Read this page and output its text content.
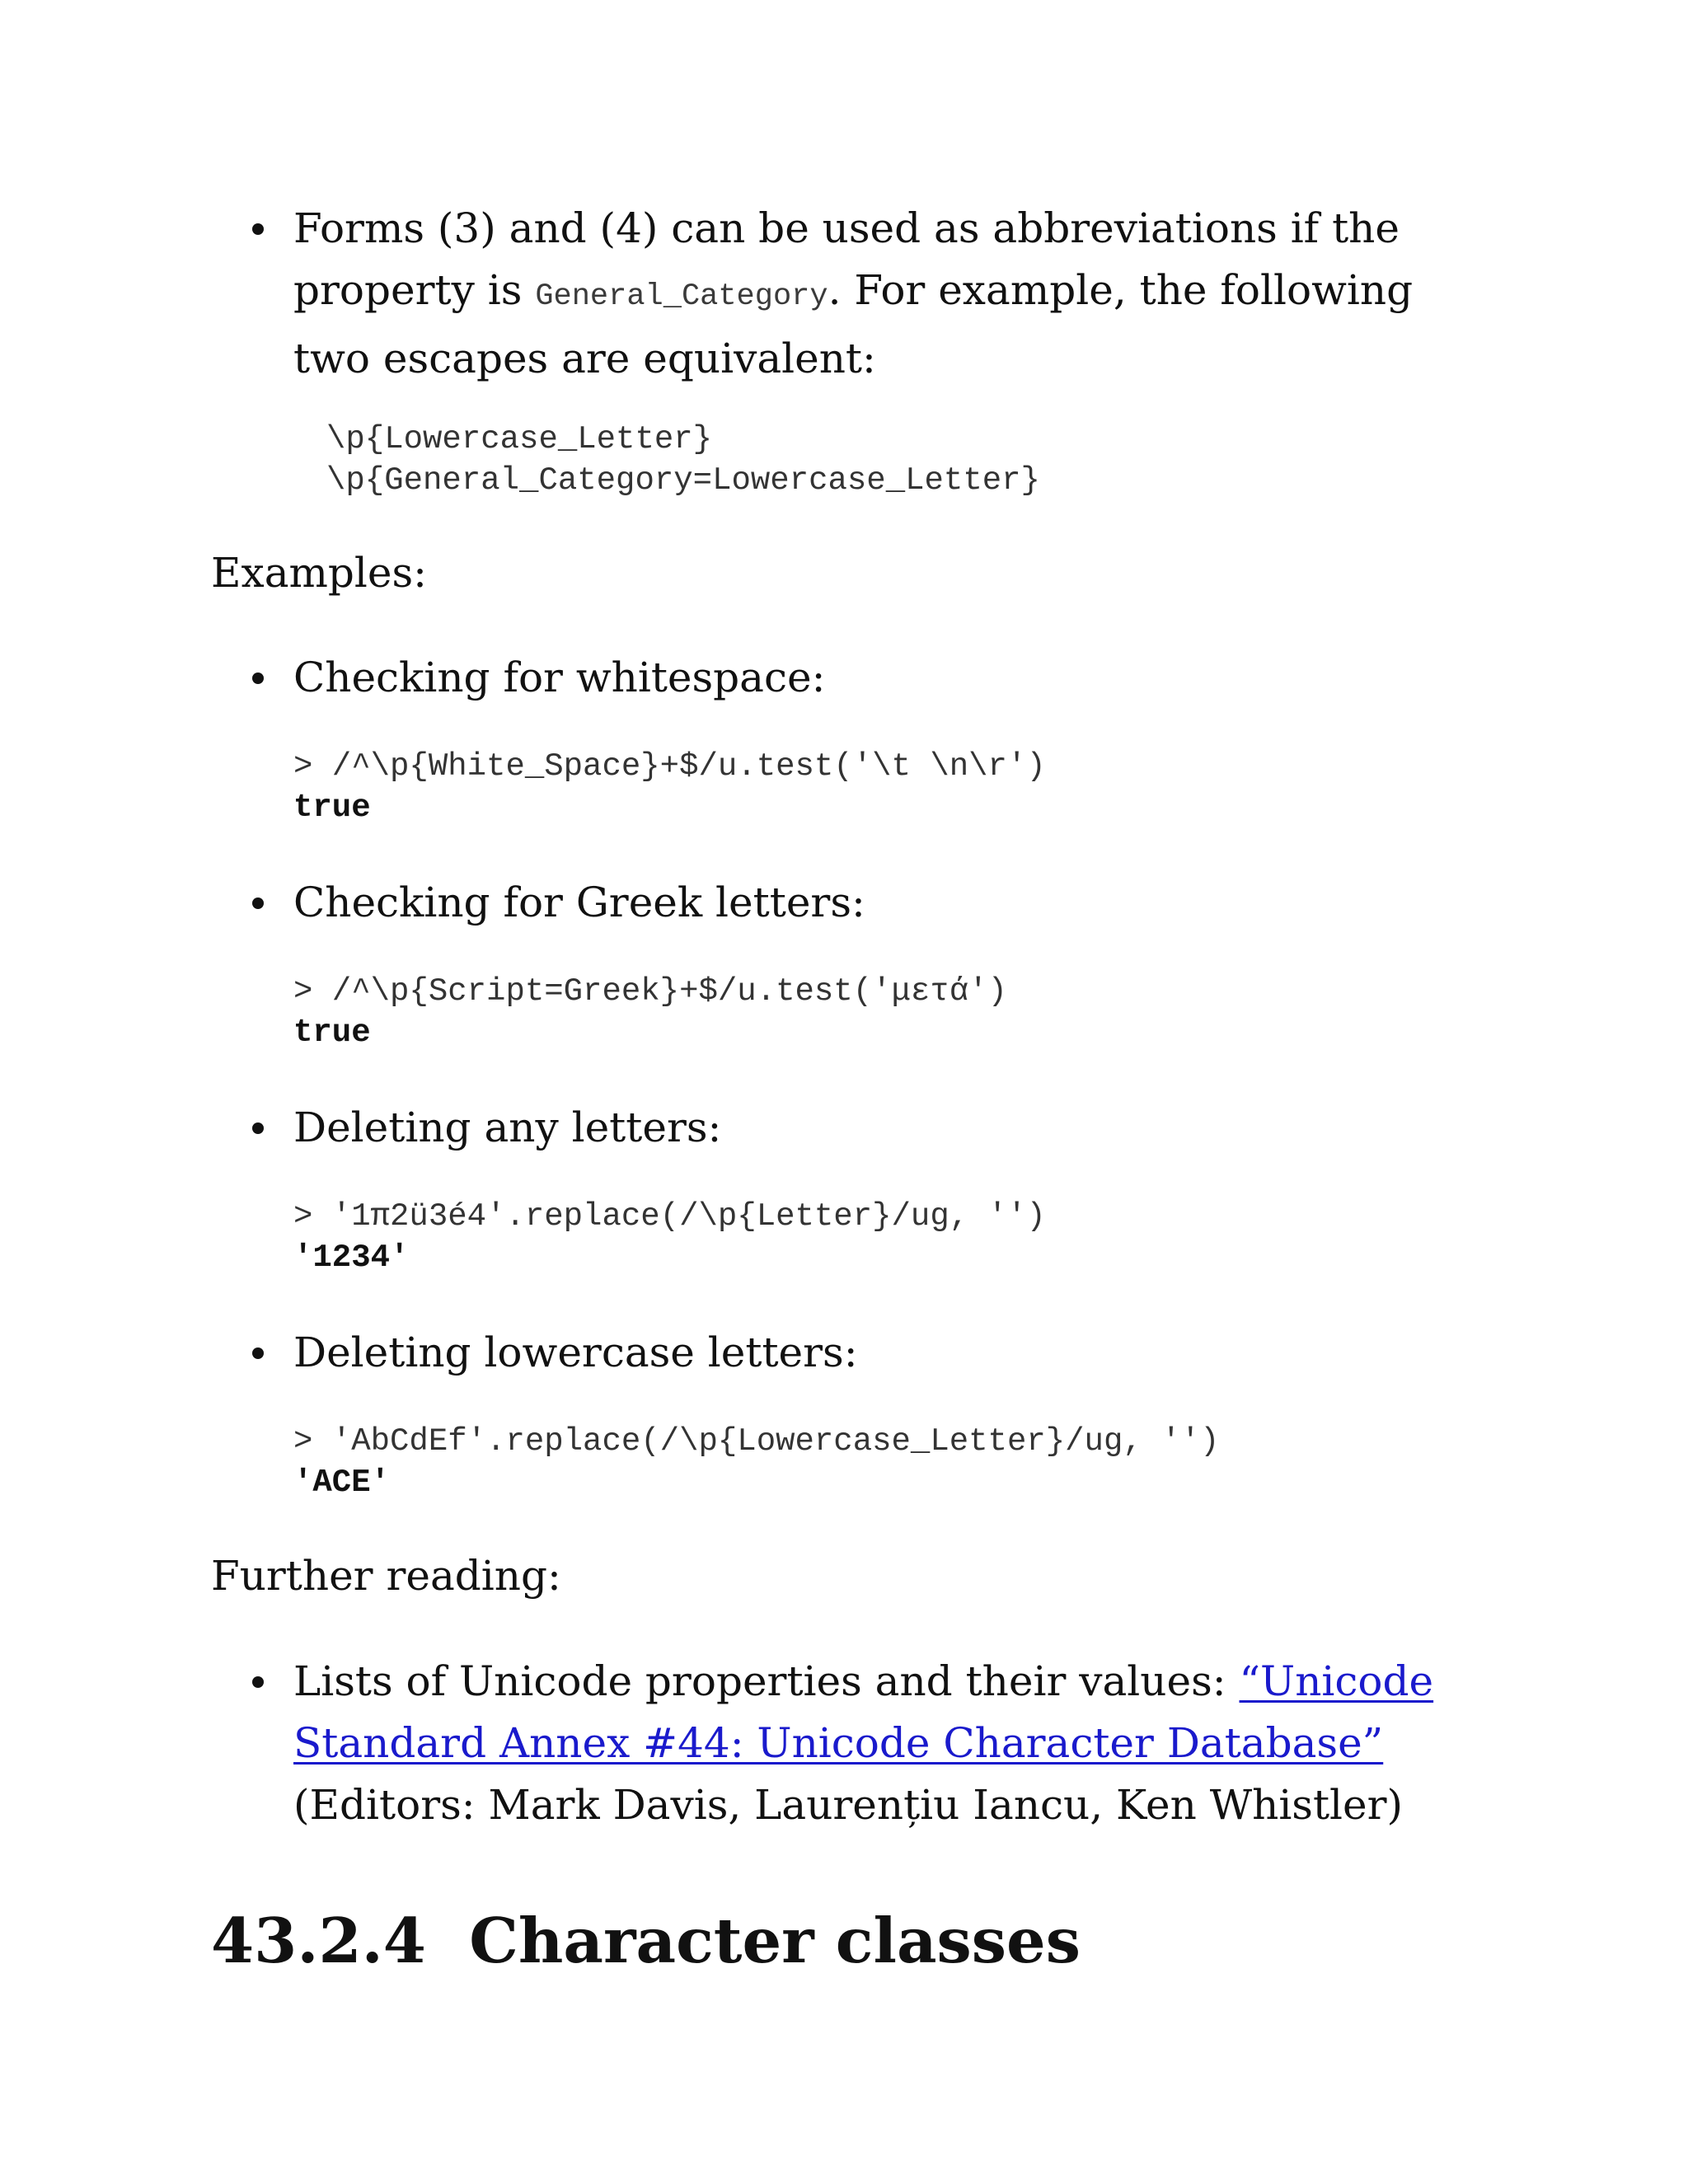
Forms (3) and (4) can be used as abbreviations if the property is General_Category. For example, the following two escapes are equivalent:
\p{Lowercase_Letter}
\p{General_Category=Lowercase_Letter}

Examples:

Checking for whitespace:
> /^\p{White_Space}+$/u.test('\t \n\r')
true
Checking for Greek letters:
> /^\p{Script=Greek}+$/u.test('μετά')
true
Deleting any letters:
> '1π2ü3é4'.replace(/\p{Letter}/ug, '')
'1234'
Deleting lowercase letters:
> 'AbCdEf'.replace(/\p{Lowercase_Letter}/ug, '')
'ACE'

Further reading:

Lists of Unicode properties and their values: “Unicode Standard Annex #44: Unicode Character Database” (Editors: Mark Davis, Laurențiu Iancu, Ken Whistler)
43.2.4 Character classes
